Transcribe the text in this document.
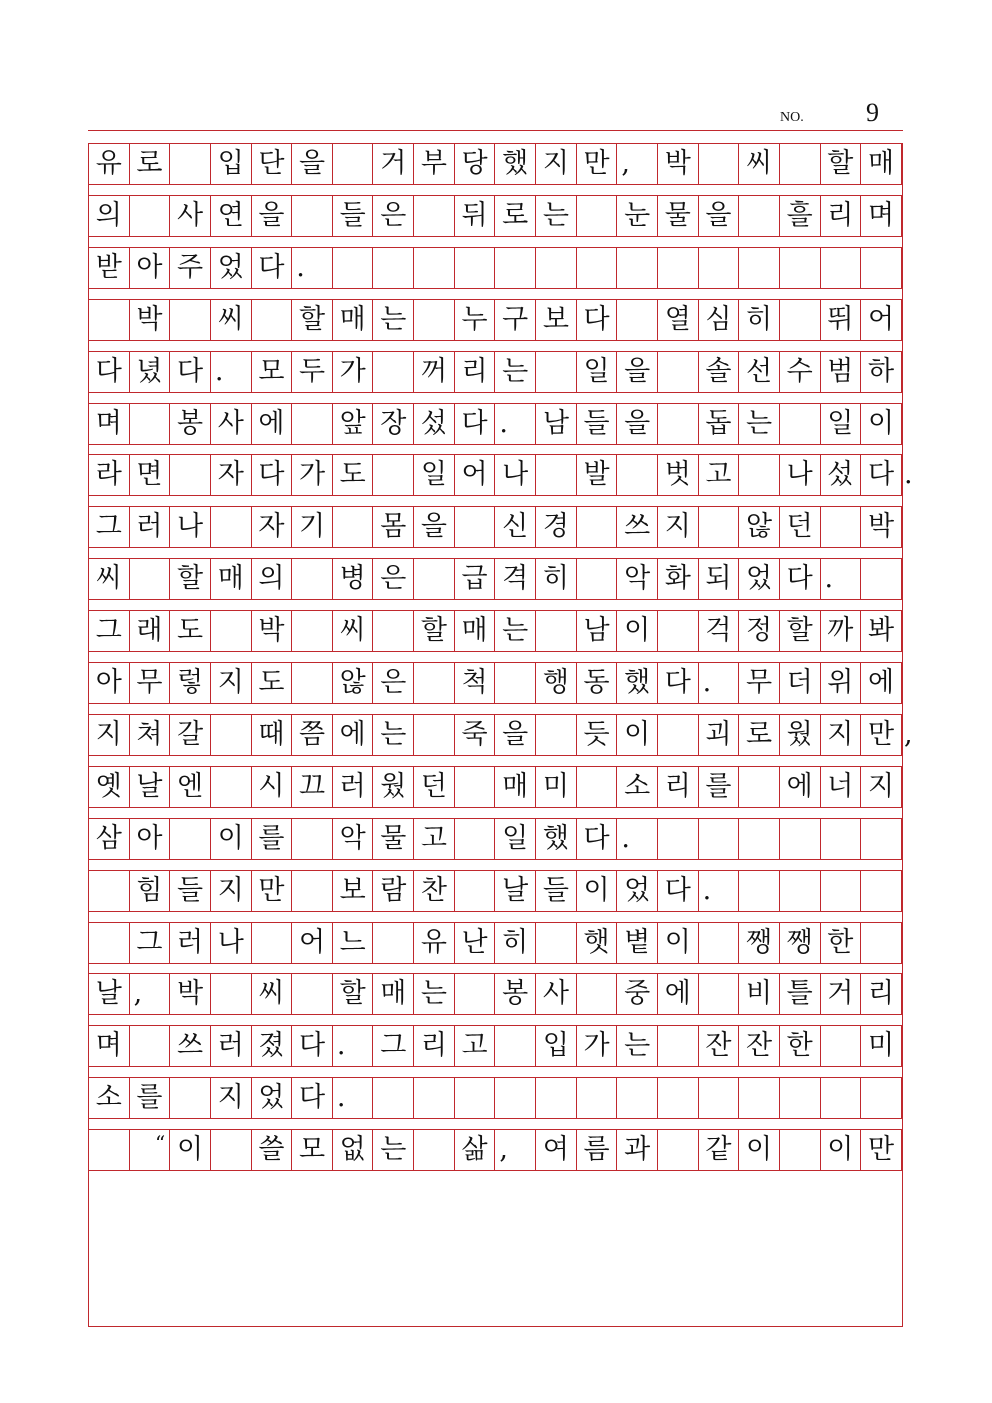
NO. 9
유 로 입 단 을 거 부 당 했 지 만 ,	박 씨 할 매
의 사 연 을 들 은 뒤 로 는 눈 물 을 흘 리 며
받 아 주 었 다 .
박 씨 할 매 는 누 구 보 다 열 심 히 뛰 어
다 녔 다 .	모 두 가 꺼 리 는 일 을 솔 선 수 범 하
며 봉 사 에 앞 장 섰 다 .	남 들 을 돕 는 일 이
라 면 자 다 가 도 일 어 나 발 벗 고 나 섰 다 .
그 러 나 자 기 몸 을 신 경 쓰 지 않 던 박
씨 할 매 의 병 은 급 격 히 악 화 되 었 다 .
그 래 도 박 씨 할 매 는 남 이 걱 정 할 까 봐
아 무 렇 지 도 않 은 척 행 동 했 다 .	무 더 위 에
지 쳐 갈 때 쯤 에 는 죽 을 듯 이 괴 로 웠 지 만 ,
옛 날 엔 시 끄 러 웠 던 매 미 소 리 를 에 너 지
삼 아 이 를 악 물 고 일 했 다 .
힘 들 지 만 보 람 찬 날 들 이 었 다 .
그 러 나 어 느 유 난 히 햇 볕 이 쨍 쨍 한
날 ,	박 씨 할 매 는 봉 사 중 에 비 틀 거 리
며 쓰 러 졌 다 .	그 리 고 입 가 는 잔 잔 한 미
소 를 지 었 다 .
“ 이 쓸 모 없 는 삶 ,	여 름 과 같 이 이 만
